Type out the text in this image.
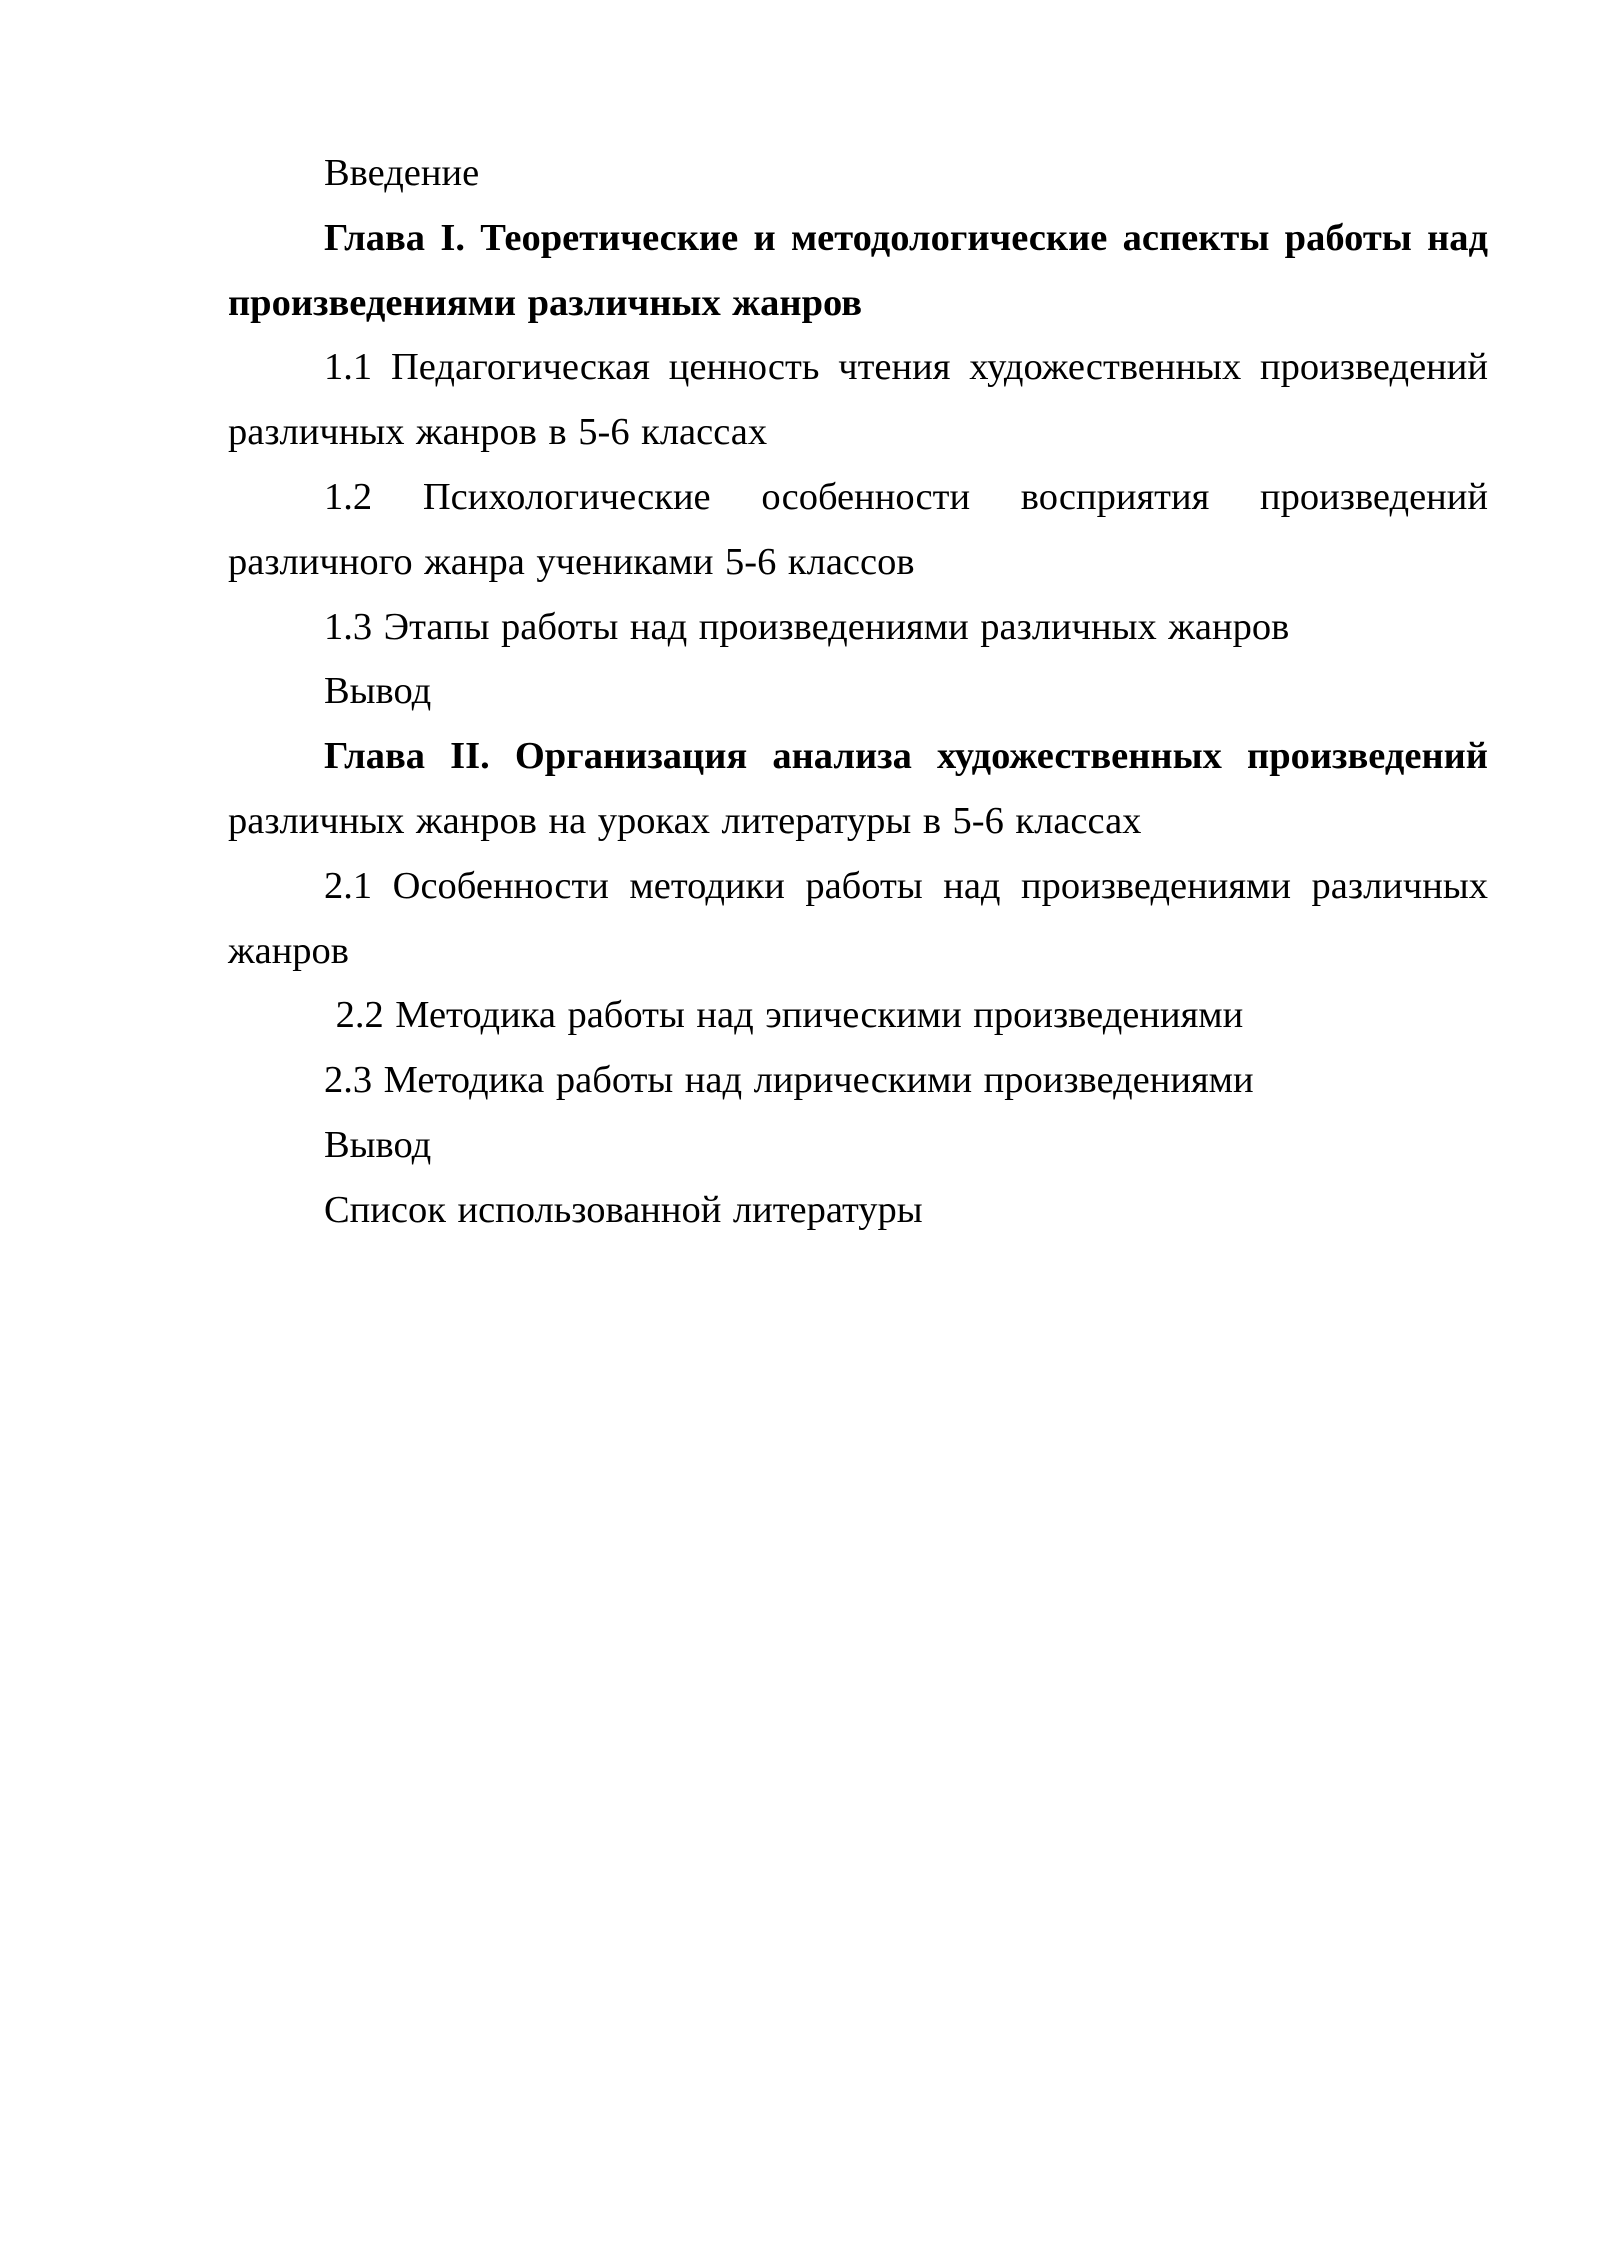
Введение

Глава I. Теоретические и методологические аспекты работы над произведениями различных жанров

1.1 Педагогическая ценность чтения художественных произведений различных жанров в 5-6 классах

1.2 Психологические особенности восприятия произведений различного жанра учениками 5-6 классов

1.3 Этапы работы над произведениями различных жанров

Вывод

Глава II. Организация анализа художественных произведений различных жанров на уроках литературы в 5-6 классах

2.1 Особенности методики работы над произведениями различных жанров

2.2 Методика работы над эпическими произведениями

2.3 Методика работы над лирическими произведениями

Вывод

Список использованной литературы
